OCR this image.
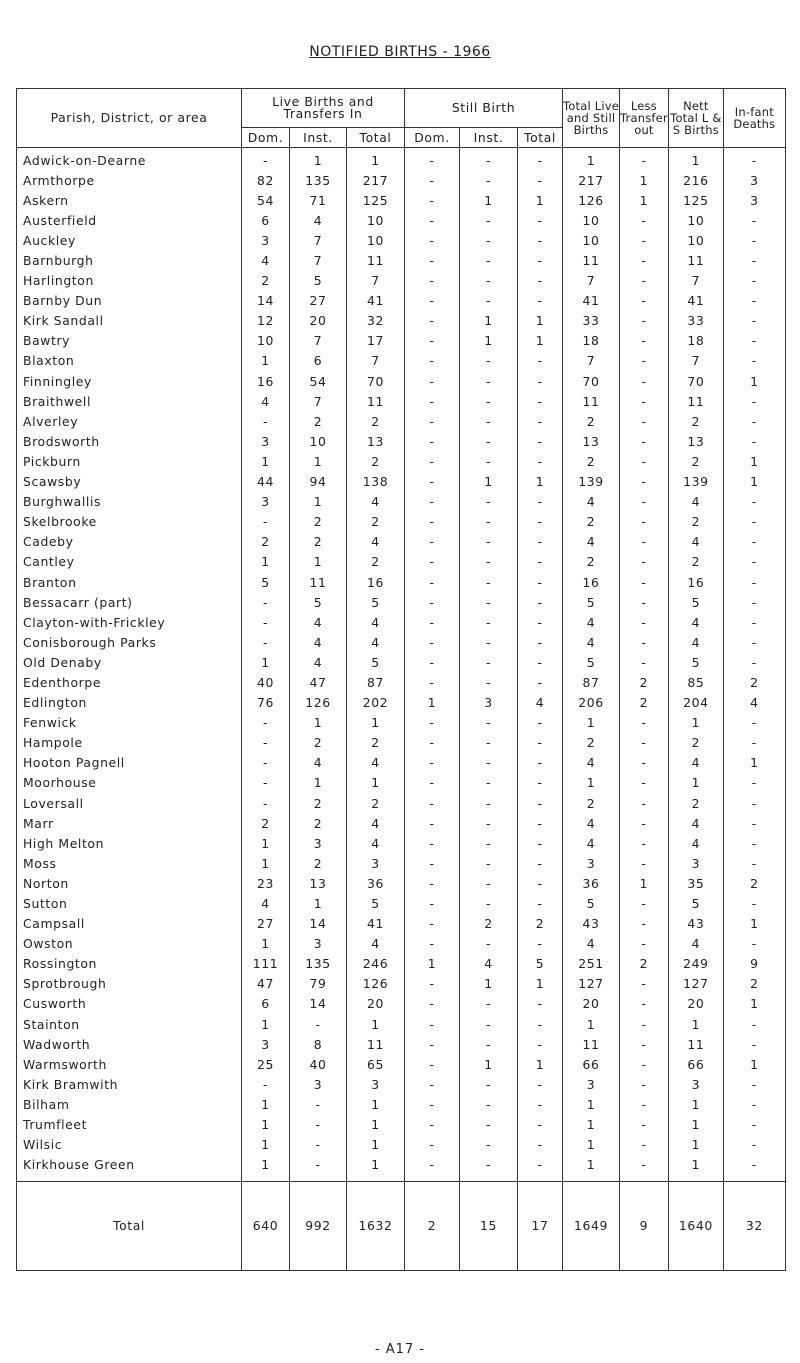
NOTIFIED BIRTHS - 1966
Parish, District, or area	Live Births and Transfers In			Still Birth			Total Live and Still Births	Less Transfer out	Nett Total L & S Births	In-fant Deaths
	Dom.	Inst.	Total	Dom.	Inst.	Total				
Adwick-on-Dearne	-	1	1	-	-	-	1	-	1	-
Armthorpe	82	135	217	-	-	-	217	1	216	3
Askern	54	71	125	-	1	1	126	1	125	3
Austerfield	6	4	10	-	-	-	10	-	10	-
Auckley	3	7	10	-	-	-	10	-	10	-
Barnburgh	4	7	11	-	-	-	11	-	11	-
Harlington	2	5	7	-	-	-	7	-	7	-
Barnby Dun	14	27	41	-	-	-	41	-	41	-
Kirk Sandall	12	20	32	-	1	1	33	-	33	-
Bawtry	10	7	17	-	1	1	18	-	18	-
Blaxton	1	6	7	-	-	-	7	-	7	-
Finningley	16	54	70	-	-	-	70	-	70	1
Braithwell	4	7	11	-	-	-	11	-	11	-
Alverley	-	2	2	-	-	-	2	-	2	-
Brodsworth	3	10	13	-	-	-	13	-	13	-
Pickburn	1	1	2	-	-	-	2	-	2	1
Scawsby	44	94	138	-	1	1	139	-	139	1
Burghwallis	3	1	4	-	-	-	4	-	4	-
Skelbrooke	-	2	2	-	-	-	2	-	2	-
Cadeby	2	2	4	-	-	-	4	-	4	-
Cantley	1	1	2	-	-	-	2	-	2	-
Branton	5	11	16	-	-	-	16	-	16	-
Bessacarr (part)	-	5	5	-	-	-	5	-	5	-
Clayton-with-Frickley	-	4	4	-	-	-	4	-	4	-
Conisborough Parks	-	4	4	-	-	-	4	-	4	-
Old Denaby	1	4	5	-	-	-	5	-	5	-
Edenthorpe	40	47	87	-	-	-	87	2	85	2
Edlington	76	126	202	1	3	4	206	2	204	4
Fenwick	-	1	1	-	-	-	1	-	1	-
Hampole	-	2	2	-	-	-	2	-	2	-
Hooton Pagnell	-	4	4	-	-	-	4	-	4	1
Moorhouse	-	1	1	-	-	-	1	-	1	-
Loversall	-	2	2	-	-	-	2	-	2	-
Marr	2	2	4	-	-	-	4	-	4	-
High Melton	1	3	4	-	-	-	4	-	4	-
Moss	1	2	3	-	-	-	3	-	3	-
Norton	23	13	36	-	-	-	36	1	35	2
Sutton	4	1	5	-	-	-	5	-	5	-
Campsall	27	14	41	-	2	2	43	-	43	1
Owston	1	3	4	-	-	-	4	-	4	-
Rossington	111	135	246	1	4	5	251	2	249	9
Sprotbrough	47	79	126	-	1	1	127	-	127	2
Cusworth	6	14	20	-	-	-	20	-	20	1
Stainton	1	-	1	-	-	-	1	-	1	-
Wadworth	3	8	11	-	-	-	11	-	11	-
Warmsworth	25	40	65	-	1	1	66	-	66	1
Kirk Bramwith	-	3	3	-	-	-	3	-	3	-
Bilham	1	-	1	-	-	-	1	-	1	-
Trumfleet	1	-	1	-	-	-	1	-	1	-
Wilsic	1	-	1	-	-	-	1	-	1	-
Kirkhouse Green	1	-	1	-	-	-	1	-	1	-
Total	640	992	1632	2	15	17	1649	9	1640	32
- A17 -
